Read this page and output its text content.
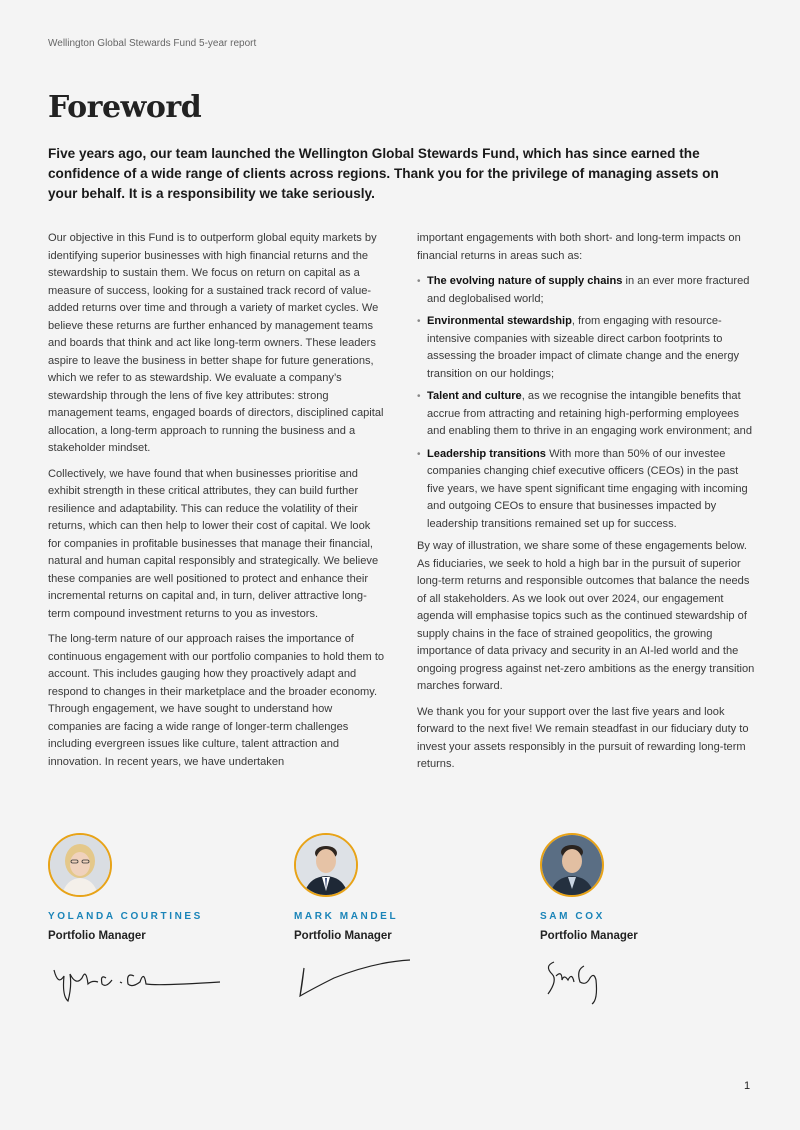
Wellington Global Stewards Fund 5-year report
Foreword

Five years ago, our team launched the Wellington Global Stewards Fund, which has since earned the confidence of a wide range of clients across regions. Thank you for the privilege of managing assets on your behalf. It is a responsibility we take seriously.

Our objective in this Fund is to outperform global equity markets by identifying superior businesses with high financial returns and the stewardship to sustain them. We focus on return on capital as a measure of success, looking for a sustained track record of value-added returns over time and through a variety of market cycles. We believe these returns are further enhanced by management teams and boards that think and act like long-term owners. These leaders aspire to leave the business in better shape for future generations, which we refer to as stewardship. We evaluate a company’s stewardship through the lens of five key attributes: strong management teams, engaged boards of directors, disciplined capital allocation, a long-term approach to running the business and a stakeholder mindset.

Collectively, we have found that when businesses prioritise and exhibit strength in these critical attributes, they can build further resilience and adaptability. This can reduce the volatility of their returns, which can then help to lower their cost of capital. We look for companies in profitable businesses that manage their financial, natural and human capital responsibly and strategically. We believe these companies are well positioned to protect and enhance their incremental returns on capital and, in turn, deliver attractive long-term compound investment returns to you as investors.

The long-term nature of our approach raises the importance of continuous engagement with our portfolio companies to hold them to account. This includes gauging how they proactively adapt and respond to changes in their marketplace and the broader economy. Through engagement, we have sought to understand how companies are facing a wide range of longer-term challenges including evergreen issues like culture, talent attraction and innovation. In recent years, we have undertaken

important engagements with both short- and long-term impacts on financial returns in areas such as:

• The evolving nature of supply chains in an ever more fractured and deglobalised world;
• Environmental stewardship, from engaging with resource-intensive companies with sizeable direct carbon footprints to assessing the broader impact of climate change and the energy transition on our holdings;
• Talent and culture, as we recognise the intangible benefits that accrue from attracting and retaining high-performing employees and enabling them to thrive in an engaging work environment; and
• Leadership transitions With more than 50% of our investee companies changing chief executive officers (CEOs) in the past five years, we have spent significant time engaging with incoming and outgoing CEOs to ensure that businesses impacted by leadership transitions remained set up for success.

By way of illustration, we share some of these engagements below. As fiduciaries, we seek to hold a high bar in the pursuit of superior long-term returns and responsible outcomes that balance the needs of all stakeholders. As we look out over 2024, our engagement agenda will emphasise topics such as the continued stewardship of supply chains in the face of strained geopolitics, the growing importance of data privacy and security in an AI-led world and the ongoing progress against net-zero ambitions as the energy transition marches forward.

We thank you for your support over the last five years and look forward to the next five! We remain steadfast in our fiduciary duty to invest your assets responsibly in the pursuit of rewarding long-term returns.

YOLANDA COURTINES
Portfolio Manager
MARK MANDEL
Portfolio Manager
SAM COX
Portfolio Manager
1
